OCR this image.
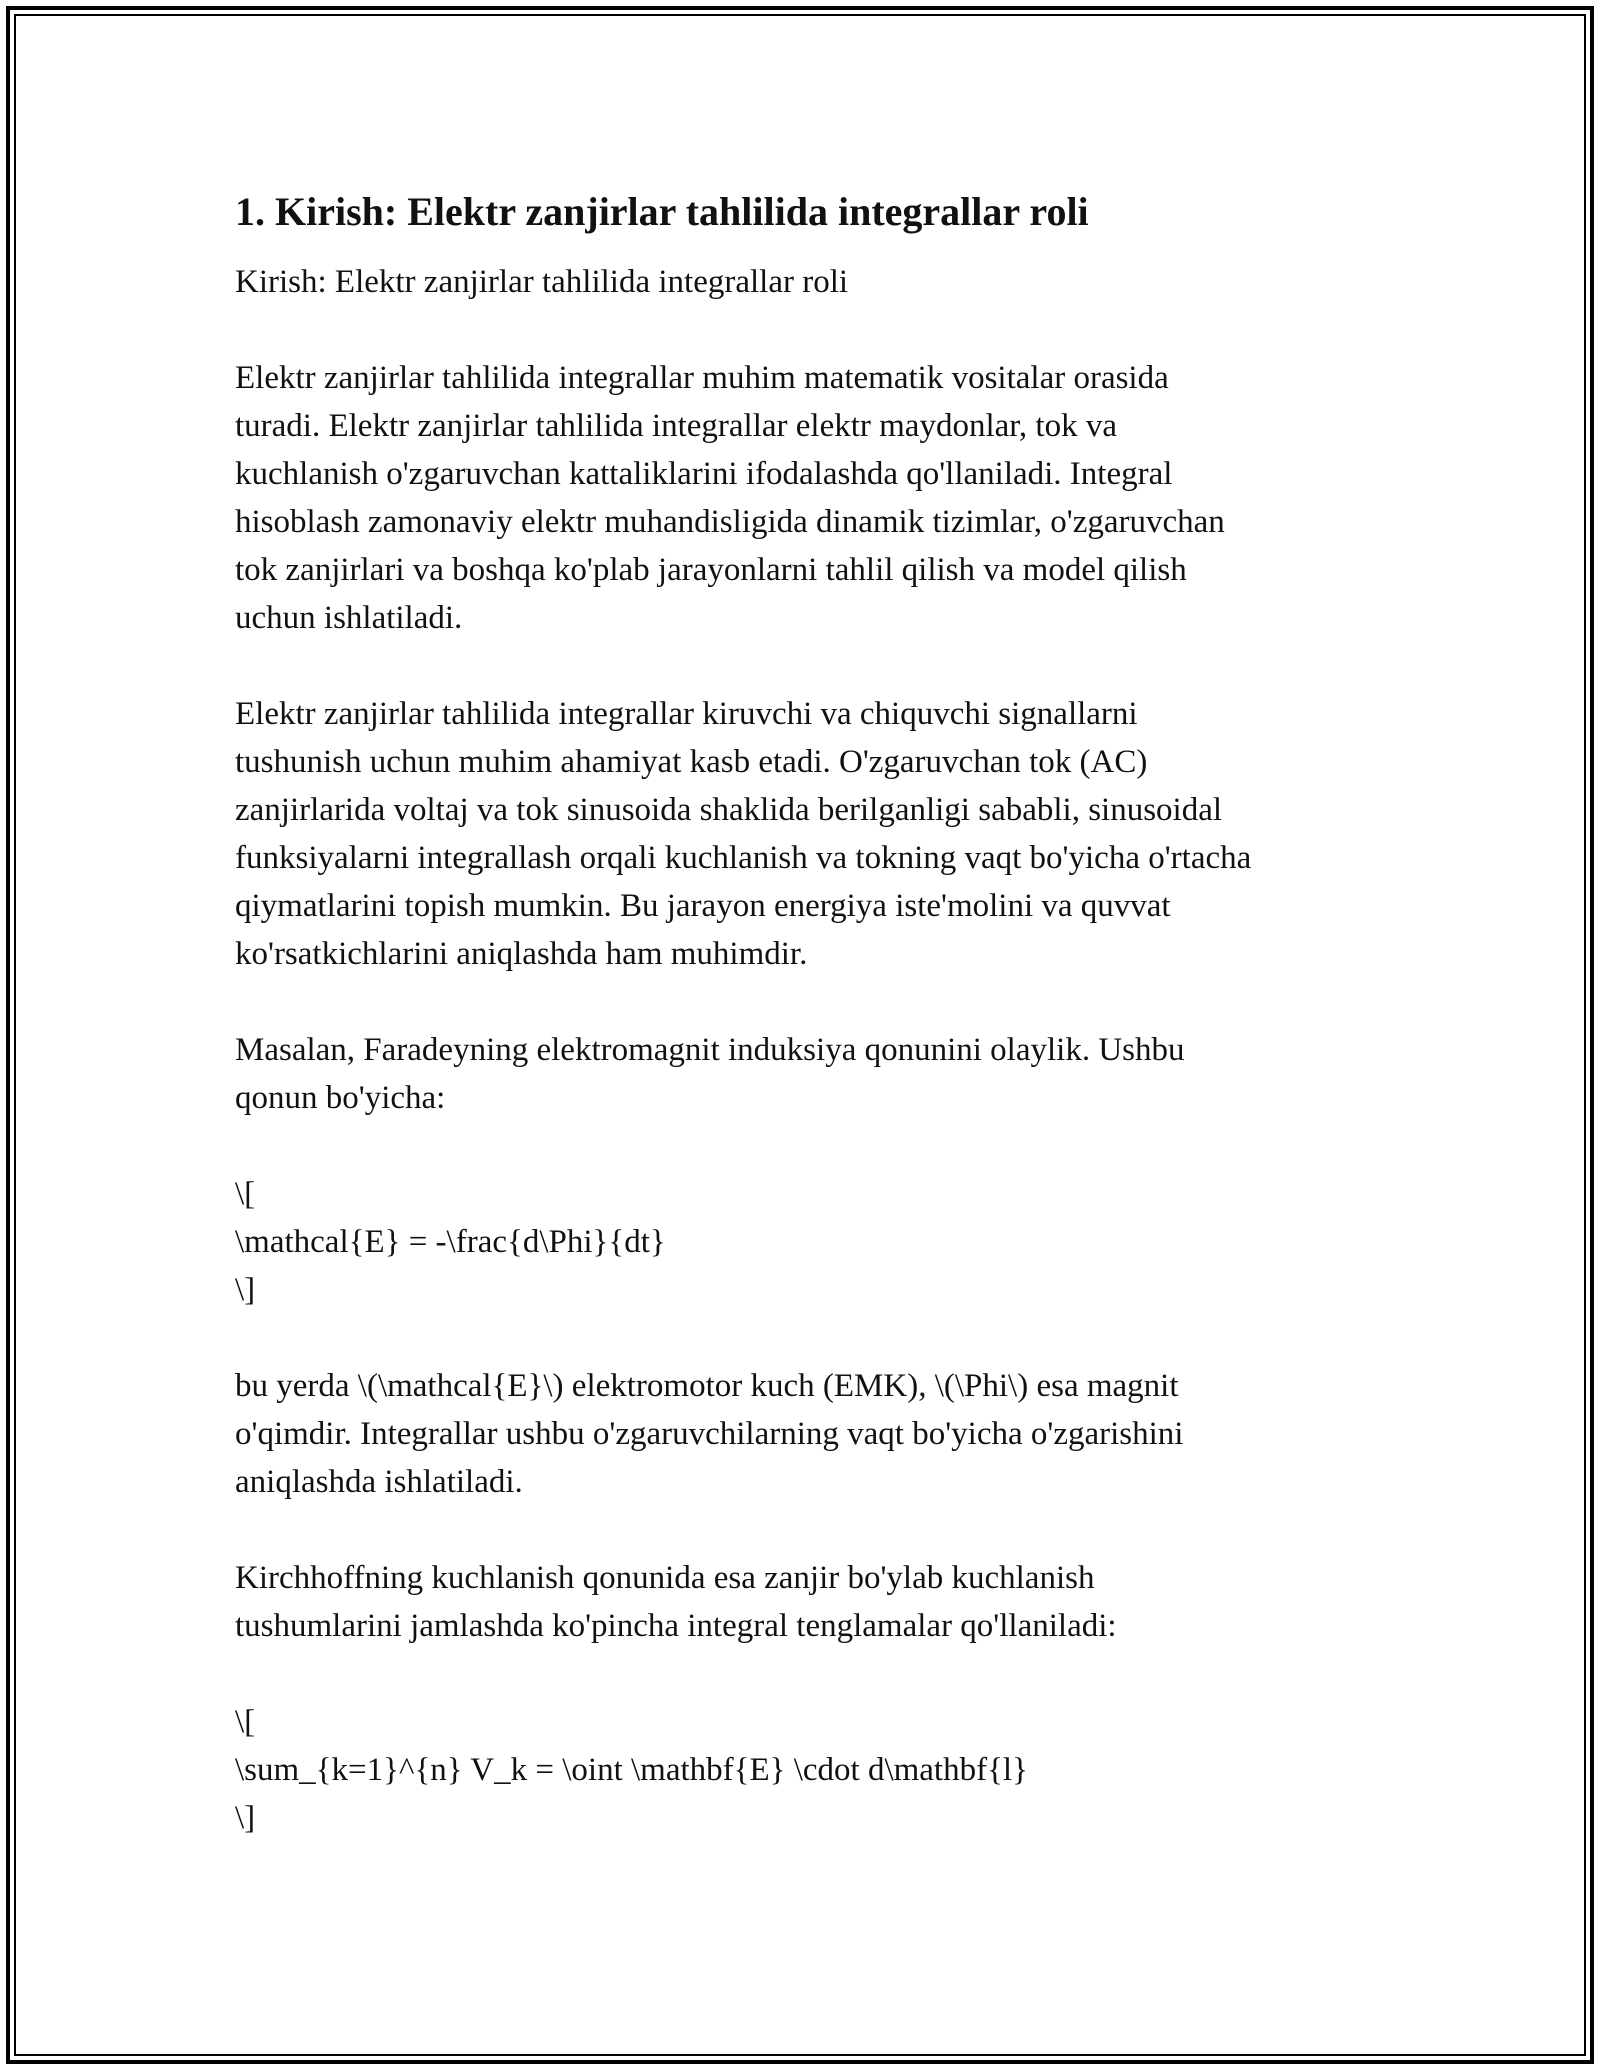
1. Kirish: Elektr zanjirlar tahlilida integrallar roli
Kirish: Elektr zanjirlar tahlilida integrallar roli
Elektr zanjirlar tahlilida integrallar muhim matematik vositalar orasida
turadi. Elektr zanjirlar tahlilida integrallar elektr maydonlar, tok va
kuchlanish o'zgaruvchan kattaliklarini ifodalashda qo'llaniladi. Integral
hisoblash zamonaviy elektr muhandisligida dinamik tizimlar, o'zgaruvchan
tok zanjirlari va boshqa ko'plab jarayonlarni tahlil qilish va model qilish
uchun ishlatiladi.
Elektr zanjirlar tahlilida integrallar kiruvchi va chiquvchi signallarni
tushunish uchun muhim ahamiyat kasb etadi. O'zgaruvchan tok (AC)
zanjirlarida voltaj va tok sinusoida shaklida berilganligi sababli, sinusoidal
funksiyalarni integrallash orqali kuchlanish va tokning vaqt bo'yicha o'rtacha
qiymatlarini topish mumkin. Bu jarayon energiya iste'molini va quvvat
ko'rsatkichlarini aniqlashda ham muhimdir.
Masalan, Faradeyning elektromagnit induksiya qonunini olaylik. Ushbu
qonun bo'yicha:
\[
\mathcal{E} = -\frac{d\Phi}{dt}
\]
bu yerda \(\mathcal{E}\) elektromotor kuch (EMK), \(\Phi\) esa magnit
o'qimdir. Integrallar ushbu o'zgaruvchilarning vaqt bo'yicha o'zgarishini
aniqlashda ishlatiladi.
Kirchhoffning kuchlanish qonunida esa zanjir bo'ylab kuchlanish
tushumlarini jamlashda ko'pincha integral tenglamalar qo'llaniladi:
\[
\sum_{k=1}^{n} V_k = \oint \mathbf{E} \cdot d\mathbf{l}
\]
